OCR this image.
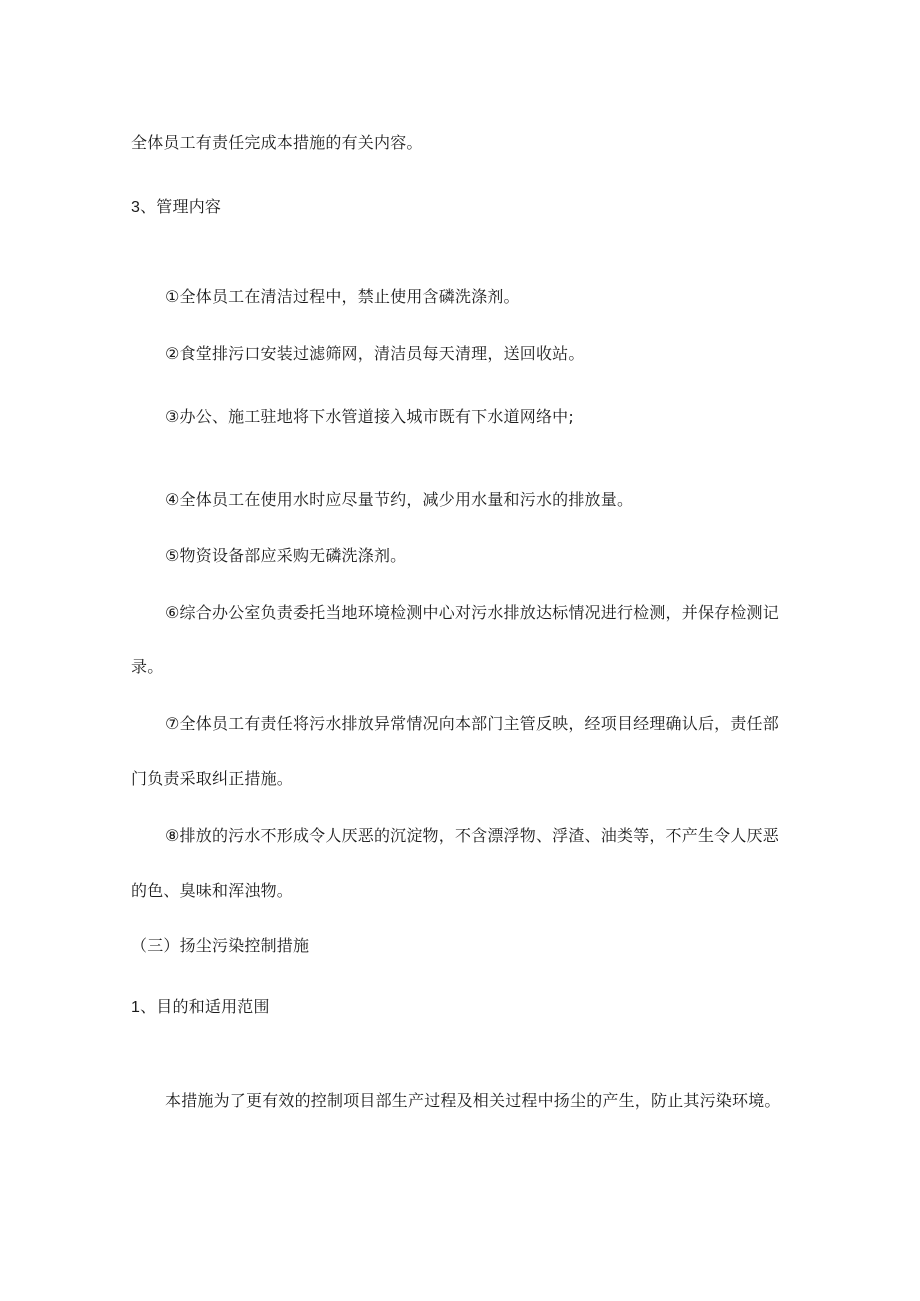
全体员工有责任完成本措施的有关内容。
3、管理内容
①全体员工在清洁过程中，禁止使用含磷洗涤剂。
②食堂排污口安装过滤筛网，清洁员每天清理，送回收站。
③办公、施工驻地将下水管道接入城市既有下水道网络中;
④全体员工在使用水时应尽量节约，减少用水量和污水的排放量。
⑤物资设备部应采购无磷洗涤剂。
⑥综合办公室负责委托当地环境检测中心对污水排放达标情况进行检测，并保存检测记
录。
⑦全体员工有责任将污水排放异常情况向本部门主管反映，经项目经理确认后，责任部
门负责采取纠正措施。
⑧排放的污水不形成令人厌恶的沉淀物，不含漂浮物、浮渣、油类等，不产生令人厌恶
的色、臭味和浑浊物。
（三）扬尘污染控制措施
1、目的和适用范围
本措施为了更有效的控制项目部生产过程及相关过程中扬尘的产生，防止其污染环境。
